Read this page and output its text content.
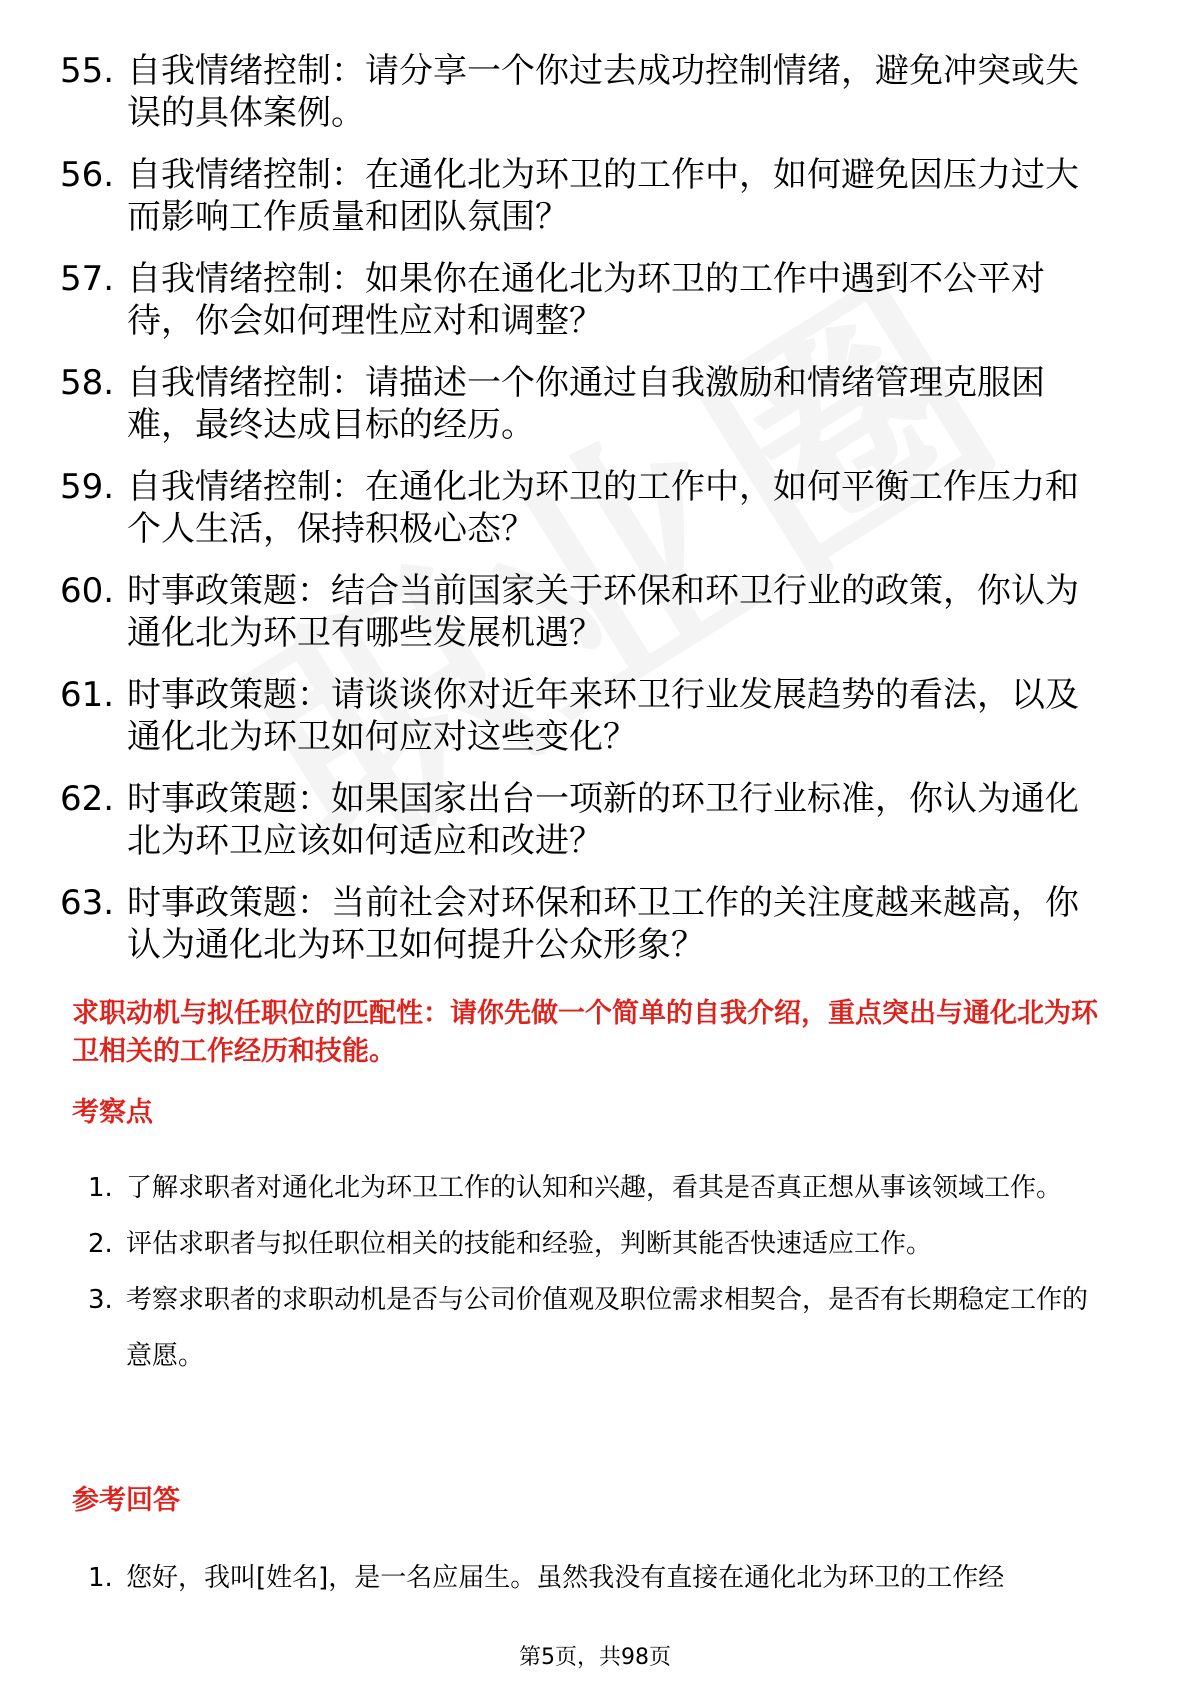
55. 自我情绪控制：请分享一个你过去成功控制情绪，避免冲突或失误的具体案例。
56. 自我情绪控制：在通化北为环卫的工作中，如何避免因压力过大而影响工作质量和团队氛围？
57. 自我情绪控制：如果你在通化北为环卫的工作中遇到不公平对待，你会如何理性应对和调整？
58. 自我情绪控制：请描述一个你通过自我激励和情绪管理克服困难，最终达成目标的经历。
59. 自我情绪控制：在通化北为环卫的工作中，如何平衡工作压力和个人生活，保持积极心态？
60. 时事政策题：结合当前国家关于环保和环卫行业的政策，你认为通化北为环卫有哪些发展机遇？
61. 时事政策题：请谈谈你对近年来环卫行业发展趋势的看法，以及通化北为环卫如何应对这些变化？
62. 时事政策题：如果国家出台一项新的环卫行业标准，你认为通化北为环卫应该如何适应和改进？
63. 时事政策题：当前社会对环保和环卫工作的关注度越来越高，你认为通化北为环卫如何提升公众形象？
求职动机与拟任职位的匹配性：请你先做一个简单的自我介绍，重点突出与通化北为环卫相关的工作经历和技能。
考察点
1. 了解求职者对通化北为环卫工作的认知和兴趣，看其是否真正想从事该领域工作。
2. 评估求职者与拟任职位相关的技能和经验，判断其能否快速适应工作。
3. 考察求职者的求职动机是否与公司价值观及职位需求相契合，是否有长期稳定工作的意愿。
参考回答
1. 您好，我叫[姓名]，是一名应届生。虽然我没有直接在通化北为环卫的工作经
第5页，共98页
